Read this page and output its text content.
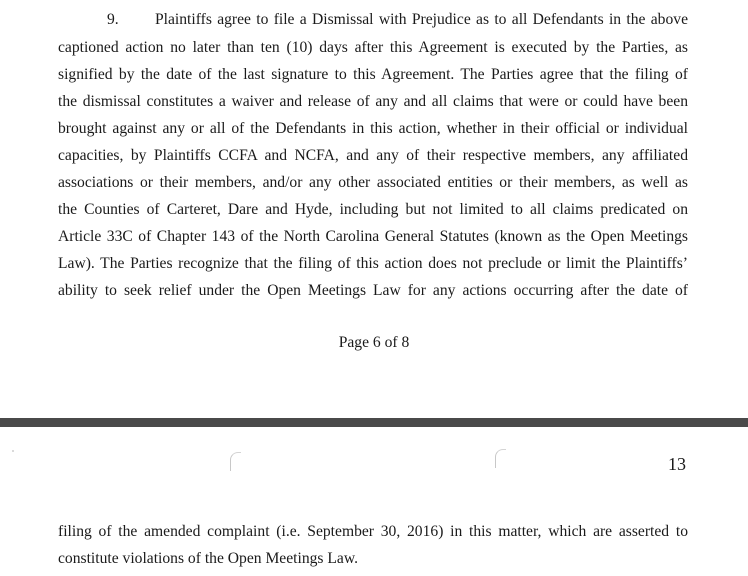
9. Plaintiffs agree to file a Dismissal with Prejudice as to all Defendants in the above
captioned action no later than ten (10) days after this Agreement is executed by the Parties, as
signified by the date of the last signature to this Agreement. The Parties agree that the filing of
the dismissal constitutes a waiver and release of any and all claims that were or could have been
brought against any or all of the Defendants in this action, whether in their official or individual
capacities, by Plaintiffs CCFA and NCFA, and any of their respective members, any affiliated
associations or their members, and/or any other associated entities or their members, as well as
the Counties of Carteret, Dare and Hyde, including but not limited to all claims predicated on
Article 33C of Chapter 143 of the North Carolina General Statutes (known as the Open Meetings
Law). The Parties recognize that the filing of this action does not preclude or limit the Plaintiffs’
ability to seek relief under the Open Meetings Law for any actions occurring after the date of
Page 6 of 8
13
filing of the amended complaint (i.e. September 30, 2016) in this matter, which are asserted to
constitute violations of the Open Meetings Law.
